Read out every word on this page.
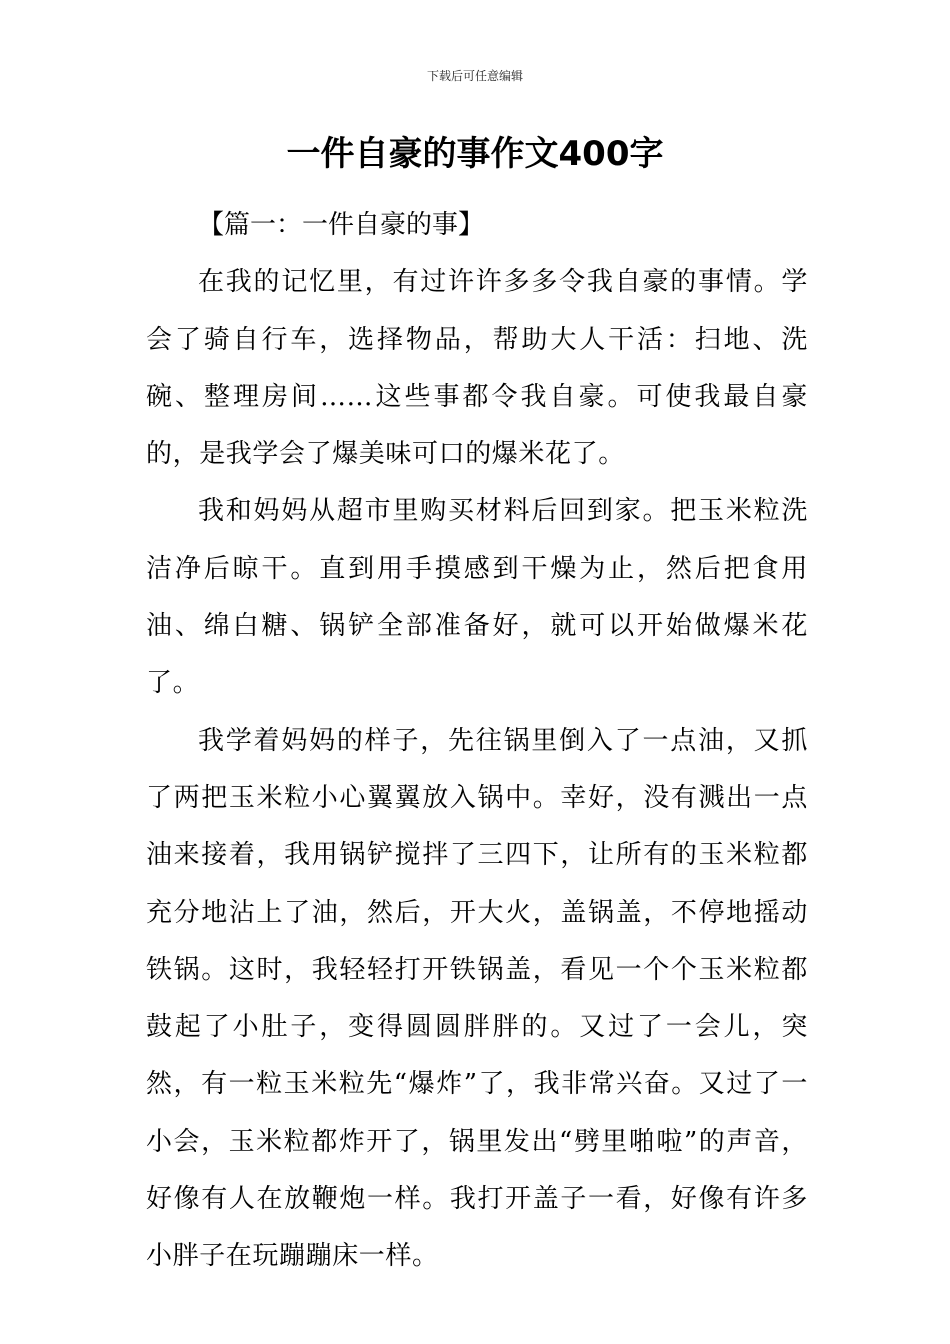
下载后可任意编辑
一件自豪的事作文400字
【篇一：一件自豪的事】

在我的记忆里，有过许许多多令我自豪的事情。学会了骑自行车，选择物品，帮助大人干活：扫地、洗碗、整理房间……这些事都令我自豪。可使我最自豪的，是我学会了爆美味可口的爆米花了。

我和妈妈从超市里购买材料后回到家。把玉米粒洗洁净后晾干。直到用手摸感到干燥为止，然后把食用油、绵白糖、锅铲全部准备好，就可以开始做爆米花了。

我学着妈妈的样子，先往锅里倒入了一点油，又抓了两把玉米粒小心翼翼放入锅中。幸好，没有溅出一点油来接着，我用锅铲搅拌了三四下，让所有的玉米粒都充分地沾上了油，然后，开大火，盖锅盖，不停地摇动铁锅。这时，我轻轻打开铁锅盖，看见一个个玉米粒都鼓起了小肚子，变得圆圆胖胖的。又过了一会儿，突然，有一粒玉米粒先“爆炸”了，我非常兴奋。又过了一小会，玉米粒都炸开了，锅里发出“劈里啪啦”的声音，好像有人在放鞭炮一样。我打开盖子一看，好像有许多小胖子在玩蹦蹦床一样。
